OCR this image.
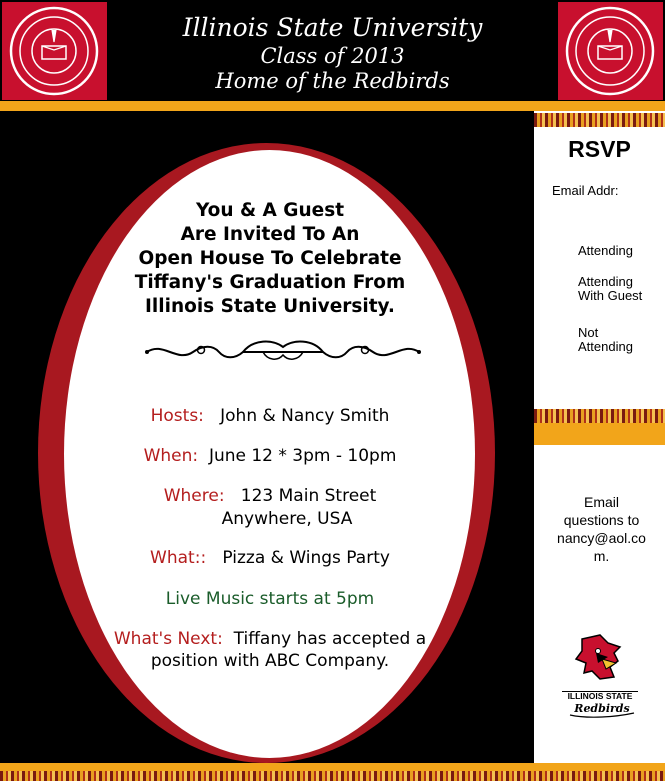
Illinois State University
Class of 2013
Home of the Redbirds
You & A Guest
Are Invited To An
Open House To Celebrate
Tiffany's Graduation From
Illinois State University.
Hosts: John & Nancy Smith
When: June 12 * 3pm - 10pm
Where: 123 Main Street
Anywhere, USA
What:: Pizza & Wings Party
Live Music starts at 5pm
What's Next: Tiffany has accepted a
position with ABC Company.
RSVP
Email Addr:
Attending
Attending
With Guest
Not
Attending
Email
questions to
nancy@aol.co
m.
ILLINOIS STATE
Redbirds
